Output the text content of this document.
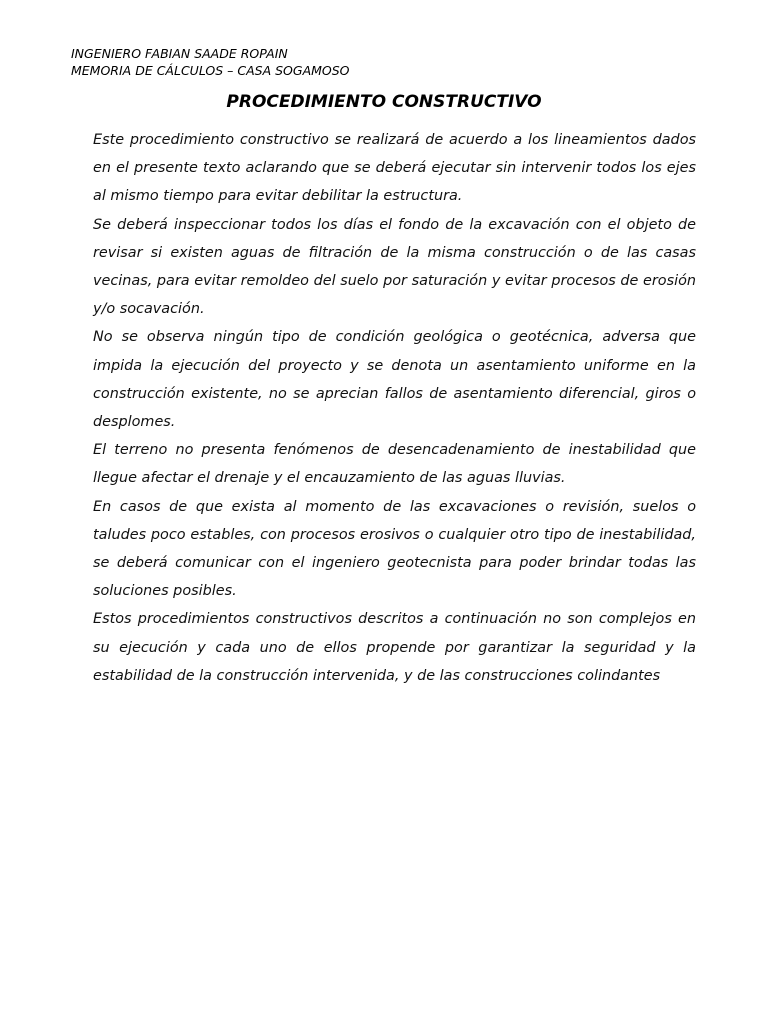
INGENIERO FABIAN SAADE ROPAIN
MEMORIA DE CÁLCULOS – CASA SOGAMOSO
PROCEDIMIENTO CONSTRUCTIVO

Este procedimiento constructivo se realizará de acuerdo a los lineamientos dados en el presente texto aclarando que se deberá ejecutar sin intervenir todos los ejes al mismo tiempo para evitar debilitar la estructura.

Se deberá inspeccionar todos los días el fondo de la excavación con el objeto de revisar si existen aguas de filtración de la misma construcción o de las casas vecinas, para evitar remoldeo del suelo por saturación y evitar procesos de erosión y/o socavación.

No se observa ningún tipo de condición geológica o geotécnica, adversa que impida la ejecución del proyecto y se denota un asentamiento uniforme en la construcción existente, no se aprecian fallos de asentamiento diferencial, giros o desplomes.

El terreno no presenta fenómenos de desencadenamiento de inestabilidad que llegue afectar el drenaje y el encauzamiento de las aguas lluvias.

En casos de que exista al momento de las excavaciones o revisión, suelos o taludes poco estables, con procesos erosivos o cualquier otro tipo de inestabilidad, se deberá comunicar con el ingeniero geotecnista para poder brindar todas las soluciones posibles.

Estos procedimientos constructivos descritos a continuación no son complejos en su ejecución y cada uno de ellos propende por garantizar la seguridad y la estabilidad de la construcción intervenida, y de las construcciones colindantes
